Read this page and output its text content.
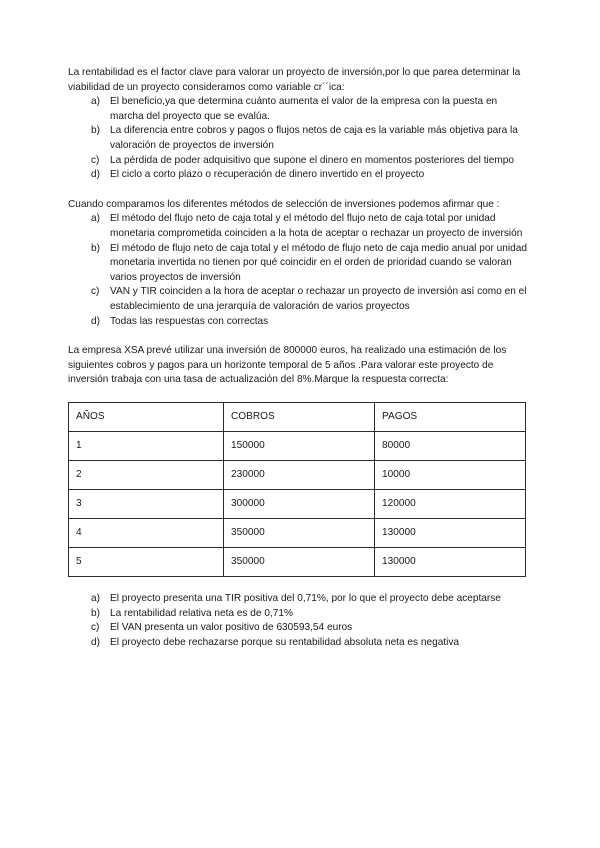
La rentabilidad es el factor clave para valorar un proyecto de inversión,por lo que parea determinar la viabilidad de un proyecto consideramos como variable cr´´ica:

a) El beneficio,ya que determina cuánto aumenta el valor de la empresa con la puesta en marcha del proyecto que se evalúa.
b) La diferencia entre cobros y pagos o flujos netos de caja es la variable más objetiva para la valoración de proyectos de inversión
c)	La pérdida de poder adquisitivo que supone el dinero en momentos posteriores del tiempo
d) El ciclo a corto plazo o recuperación de dinero invertido en el proyecto

Cuando comparamos los diferentes métodos de selección de inversiones podemos afirmar que :

a) El método del flujo neto de caja total y el método del flujo neto de caja total por unidad monetaria comprometida coinciden a la hota de aceptar o rechazar un proyecto de inversión
b) El método de flujo neto de caja total y el método de flujo neto de caja medio anual por unidad monetaria invertida no tienen por qué coincidir en el orden de prioridad cuando se valoran varios proyectos de inversión
c)	VAN y TIR coinciden a la hora de aceptar o rechazar un proyecto de inversión así como en el establecimiento de una jerarquía de valoración de varios proyectos
d) Todas las respuestas con correctas

La empresa XSA prevé utilizar una inversión de 800000 euros, ha realizado una estimación de los siguientes cobros y pagos para un horizonte temporal de 5 años .Para valorar este proyecto de inversión trabaja con una tasa de actualización del 8%.Marque la respuesta correcta:

AÑOS	COBROS	PAGOS
1	150000	80000
2	230000	10000
3	300000	120000
4	350000	130000
5	350000	130000
a) El proyecto presenta una TIR positiva del 0,71%, por lo que el proyecto debe aceptarse
b) La rentabilidad relativa neta es de 0,71%
c)	El VAN presenta un valor positivo de 630593,54 euros
d) El proyecto debe rechazarse porque su rentabilidad absoluta neta es negativa
